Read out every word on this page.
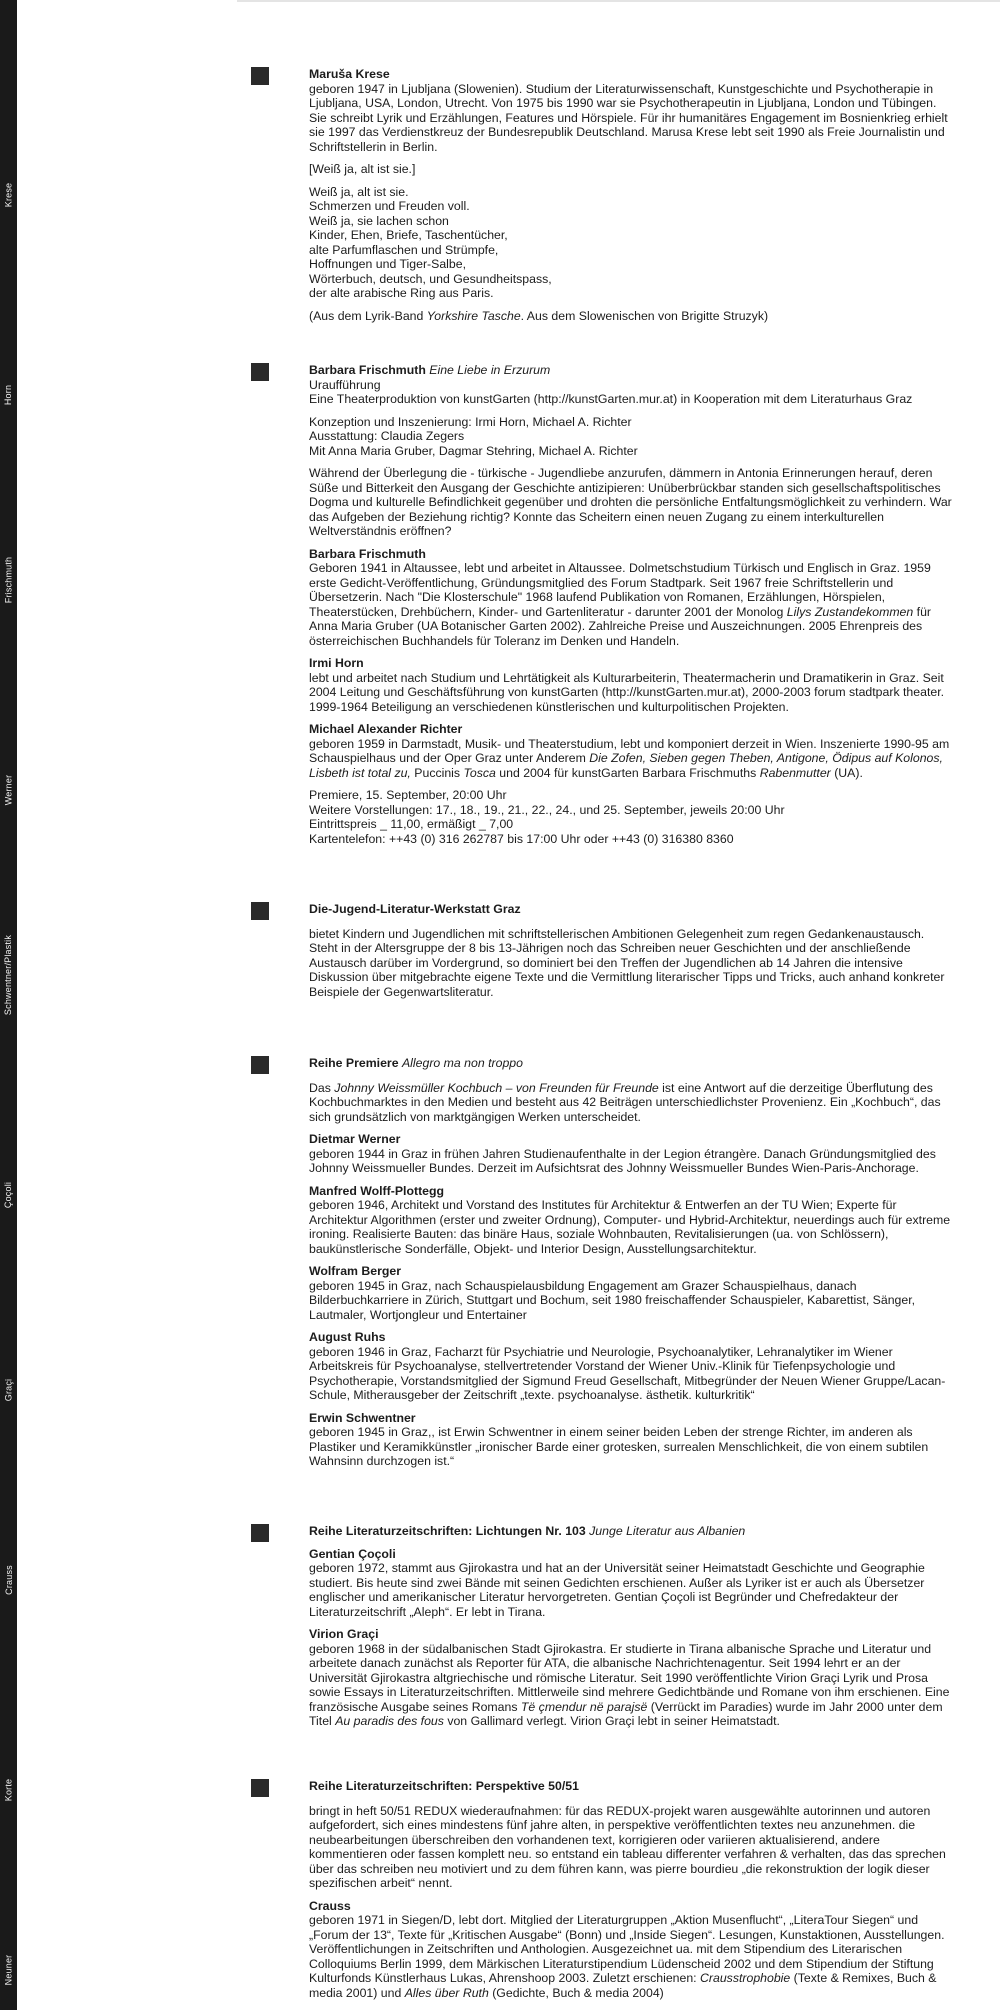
Krese
Horn
Frischmuth
Werner
Schwentner/Plastik
Çoçoli
Graçi
Crauss
Korte
Neuner
Maruša Krese

geboren 1947 in Ljubljana (Slowenien). Studium der Literaturwissenschaft, Kunstgeschichte und Psychotherapie in Ljubljana, USA, London, Utrecht. Von 1975 bis 1990 war sie Psychotherapeutin in Ljubljana, London und Tübingen. Sie schreibt Lyrik und Erzählungen, Features und Hörspiele. Für ihr humanitäres Engagement im Bosnienkrieg erhielt sie 1997 das Verdienstkreuz der Bundesrepublik Deutschland. Marusa Krese lebt seit 1990 als Freie Journalistin und Schriftstellerin in Berlin.

[Weiß ja, alt ist sie.]

Weiß ja, alt ist sie.
Schmerzen und Freuden voll.
Weiß ja, sie lachen schon
Kinder, Ehen, Briefe, Taschentücher,
alte Parfumflaschen und Strümpfe,
Hoffnungen und Tiger-Salbe,
Wörterbuch, deutsch, und Gesundheitspass,
der alte arabische Ring aus Paris.

(Aus dem Lyrik-Band Yorkshire Tasche. Aus dem Slowenischen von Brigitte Struzyk)

Barbara Frischmuth Eine Liebe in Erzurum
Uraufführung

Eine Theaterproduktion von kunstGarten (http://kunstGarten.mur.at) in Kooperation mit dem Literaturhaus Graz

Konzeption und Inszenierung: Irmi Horn, Michael A. Richter
Ausstattung: Claudia Zegers
Mit Anna Maria Gruber, Dagmar Stehring, Michael A. Richter

Während der Überlegung die - türkische - Jugendliebe anzurufen, dämmern in Antonia Erinnerungen herauf, deren Süße und Bitterkeit den Ausgang der Geschichte antizipieren: Unüberbrückbar standen sich gesellschaftspolitisches Dogma und kulturelle Befindlichkeit gegenüber und drohten die persönliche Entfaltungsmöglichkeit zu verhindern. War das Aufgeben der Beziehung richtig? Konnte das Scheitern einen neuen Zugang zu einem interkulturellen Weltverständnis eröffnen?

Barbara Frischmuth

Geboren 1941 in Altaussee, lebt und arbeitet in Altaussee. Dolmetschstudium Türkisch und Englisch in Graz. 1959 erste Gedicht-Veröffentlichung, Gründungsmitglied des Forum Stadtpark. Seit 1967 freie Schriftstellerin und Übersetzerin. Nach "Die Klosterschule" 1968 laufend Publikation von Romanen, Erzählungen, Hörspielen, Theaterstücken, Drehbüchern, Kinder- und Gartenliteratur - darunter 2001 der Monolog Lilys Zustandekommen für Anna Maria Gruber (UA Botanischer Garten 2002). Zahlreiche Preise und Auszeichnungen. 2005 Ehrenpreis des österreichischen Buchhandels für Toleranz im Denken und Handeln.

Irmi Horn

lebt und arbeitet nach Studium und Lehrtätigkeit als Kulturarbeiterin, Theatermacherin und Dramatikerin in Graz. Seit 2004 Leitung und Geschäftsführung von kunstGarten (http://kunstGarten.mur.at), 2000-2003 forum stadtpark theater. 1999-1964 Beteiligung an verschiedenen künstlerischen und kulturpolitischen Projekten.

Michael Alexander Richter

geboren 1959 in Darmstadt, Musik- und Theaterstudium, lebt und komponiert derzeit in Wien. Inszenierte 1990-95 am Schauspielhaus und der Oper Graz unter Anderem Die Zofen, Sieben gegen Theben, Antigone, Ödipus auf Kolonos, Lisbeth ist total zu, Puccinis Tosca und 2004 für kunstGarten Barbara Frischmuths Rabenmutter (UA).

Premiere, 15. September, 20:00 Uhr
Weitere Vorstellungen: 17., 18., 19., 21., 22., 24., und 25. September, jeweils 20:00 Uhr
Eintrittspreis _ 11,00, ermäßigt _ 7,00
Kartentelefon: ++43 (0) 316 262787 bis 17:00 Uhr oder ++43 (0) 316380 8360

Die-Jugend-Literatur-Werkstatt Graz

bietet Kindern und Jugendlichen mit schriftstellerischen Ambitionen Gelegenheit zum regen Gedankenaustausch. Steht in der Altersgruppe der 8 bis 13-Jährigen noch das Schreiben neuer Geschichten und der anschließende Austausch darüber im Vordergrund, so dominiert bei den Treffen der Jugendlichen ab 14 Jahren die intensive Diskussion über mitgebrachte eigene Texte und die Vermittlung literarischer Tipps und Tricks, auch anhand konkreter Beispiele der Gegenwartsliteratur.

Reihe Premiere Allegro ma non troppo

Das Johnny Weissmüller Kochbuch – von Freunden für Freunde ist eine Antwort auf die derzeitige Überflutung des Kochbuchmarktes in den Medien und besteht aus 42 Beiträgen unterschiedlichster Provenienz. Ein „Kochbuch“, das sich grundsätzlich von marktgängigen Werken unterscheidet.

Dietmar Werner

geboren 1944 in Graz in frühen Jahren Studienaufenthalte in der Legion étrangère. Danach Gründungsmitglied des Johnny Weissmueller Bundes. Derzeit im Aufsichtsrat des Johnny Weissmueller Bundes Wien-Paris-Anchorage.

Manfred Wolff-Plottegg

geboren 1946, Architekt und Vorstand des Institutes für Architektur & Entwerfen an der TU Wien; Experte für Architektur Algorithmen (erster und zweiter Ordnung), Computer- und Hybrid-Architektur, neuerdings auch für extreme ironing. Realisierte Bauten: das binäre Haus, soziale Wohnbauten, Revitalisierungen (ua. von Schlössern), baukünstlerische Sonderfälle, Objekt- und Interior Design, Ausstellungsarchitektur.

Wolfram Berger

geboren 1945 in Graz, nach Schauspielausbildung Engagement am Grazer Schauspielhaus, danach Bilderbuchkarriere in Zürich, Stuttgart und Bochum, seit 1980 freischaffender Schauspieler, Kabarettist, Sänger, Lautmaler, Wortjongleur und Entertainer

August Ruhs

geboren 1946 in Graz, Facharzt für Psychiatrie und Neurologie, Psychoanalytiker, Lehranalytiker im Wiener Arbeitskreis für Psychoanalyse, stellvertretender Vorstand der Wiener Univ.-Klinik für Tiefenpsychologie und Psychotherapie, Vorstandsmitglied der Sigmund Freud Gesellschaft, Mitbegründer der Neuen Wiener Gruppe/Lacan-Schule, Mitherausgeber der Zeitschrift „texte. psychoanalyse. ästhetik. kulturkritik“

Erwin Schwentner

geboren 1945 in Graz,, ist Erwin Schwentner in einem seiner beiden Leben der strenge Richter, im anderen als Plastiker und Keramikkünstler „ironischer Barde einer grotesken, surrealen Menschlichkeit, die von einem subtilen Wahnsinn durchzogen ist.“

Reihe Literaturzeitschriften: Lichtungen Nr. 103 Junge Literatur aus Albanien
Gentian Çoçoli

geboren 1972, stammt aus Gjirokastra und hat an der Universität seiner Heimatstadt Geschichte und Geographie studiert. Bis heute sind zwei Bände mit seinen Gedichten erschienen. Außer als Lyriker ist er auch als Übersetzer englischer und amerikanischer Literatur hervorgetreten. Gentian Çoçoli ist Begründer und Chefredakteur der Literaturzeitschrift „Aleph“. Er lebt in Tirana.

Virion Graçi

geboren 1968 in der südalbanischen Stadt Gjirokastra. Er studierte in Tirana albanische Sprache und Literatur und arbeitete danach zunächst als Reporter für ATA, die albanische Nachrichtenagentur. Seit 1994 lehrt er an der Universität Gjirokastra altgriechische und römische Literatur. Seit 1990 veröffentlichte Virion Graçi Lyrik und Prosa sowie Essays in Literaturzeitschriften. Mittlerweile sind mehrere Gedichtbände und Romane von ihm erschienen. Eine französische Ausgabe seines Romans Të çmendur në parajsë (Verrückt im Paradies) wurde im Jahr 2000 unter dem Titel Au paradis des fous von Gallimard verlegt. Virion Graçi lebt in seiner Heimatstadt.

Reihe Literaturzeitschriften: Perspektive 50/51

bringt in heft 50/51 REDUX wiederaufnahmen: für das REDUX-projekt waren ausgewählte autorinnen und autoren aufgefordert, sich eines mindestens fünf jahre alten, in perspektive veröffentlichten textes neu anzunehmen. die neubearbeitungen überschreiben den vorhandenen text, korrigieren oder variieren aktualisierend, andere kommentieren oder fassen komplett neu. so entstand ein tableau differenter verfahren & verhalten, das das sprechen über das schreiben neu motiviert und zu dem führen kann, was pierre bourdieu „die rekonstruktion der logik dieser spezifischen arbeit“ nennt.

Crauss

geboren 1971 in Siegen/D, lebt dort. Mitglied der Literaturgruppen „Aktion Musenflucht“, „LiteraTour Siegen“ und „Forum der 13“, Texte für „Kritischen Ausgabe“ (Bonn) und „Inside Siegen“. Lesungen, Kunstaktionen, Ausstellungen. Veröffentlichungen in Zeitschriften und Anthologien. Ausgezeichnet ua. mit dem Stipendium des Literarischen Colloquiums Berlin 1999, dem Märkischen Literaturstipendium Lüdenscheid 2002 und dem Stipendium der Stiftung Kulturfonds Künstlerhaus Lukas, Ahrenshoop 2003. Zuletzt erschienen: Crausstrophobie (Texte & Remixes, Buch & media 2001) und Alles über Ruth (Gedichte, Buch & media 2004)
